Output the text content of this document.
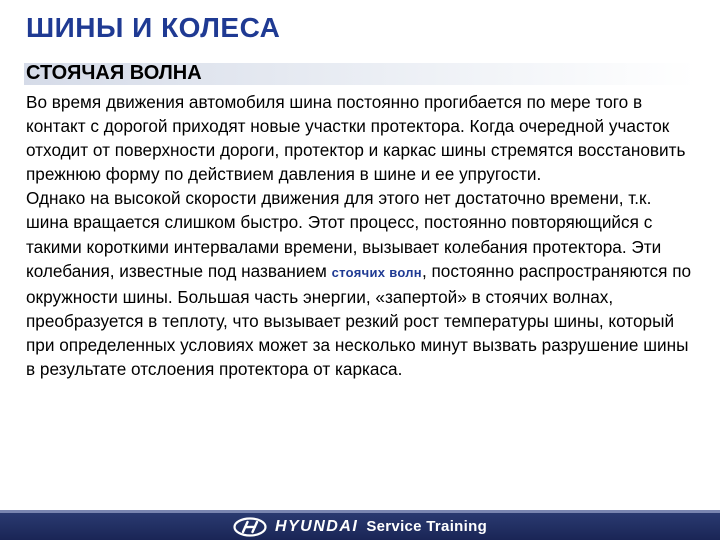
ШИНЫ И КОЛЕСА
СТОЯЧАЯ ВОЛНА

Во время движения автомобиля шина постоянно прогибается по мере того в контакт с дорогой приходят новые участки протектора. Когда очередной участок отходит от поверхности дороги, протектор и каркас шины стремятся восстановить прежнюю форму по действием давления в шине и ее упругости.

Однако на высокой скорости движения для этого нет достаточно времени, т.к. шина вращается слишком быстро. Этот процесс, постоянно повторяющийся с такими короткими интервалами времени, вызывает колебания протектора. Эти колебания, известные под названием стоячих волн, постоянно распространяются по окружности шины. Большая часть энергии, «запертой» в стоячих волнах, преобразуется в теплоту, что вызывает резкий рост температуры шины, который при определенных условиях может за несколько минут вызвать разрушение шины в результате отслоения протектора от каркаса.

HYUNDAI Service Training
